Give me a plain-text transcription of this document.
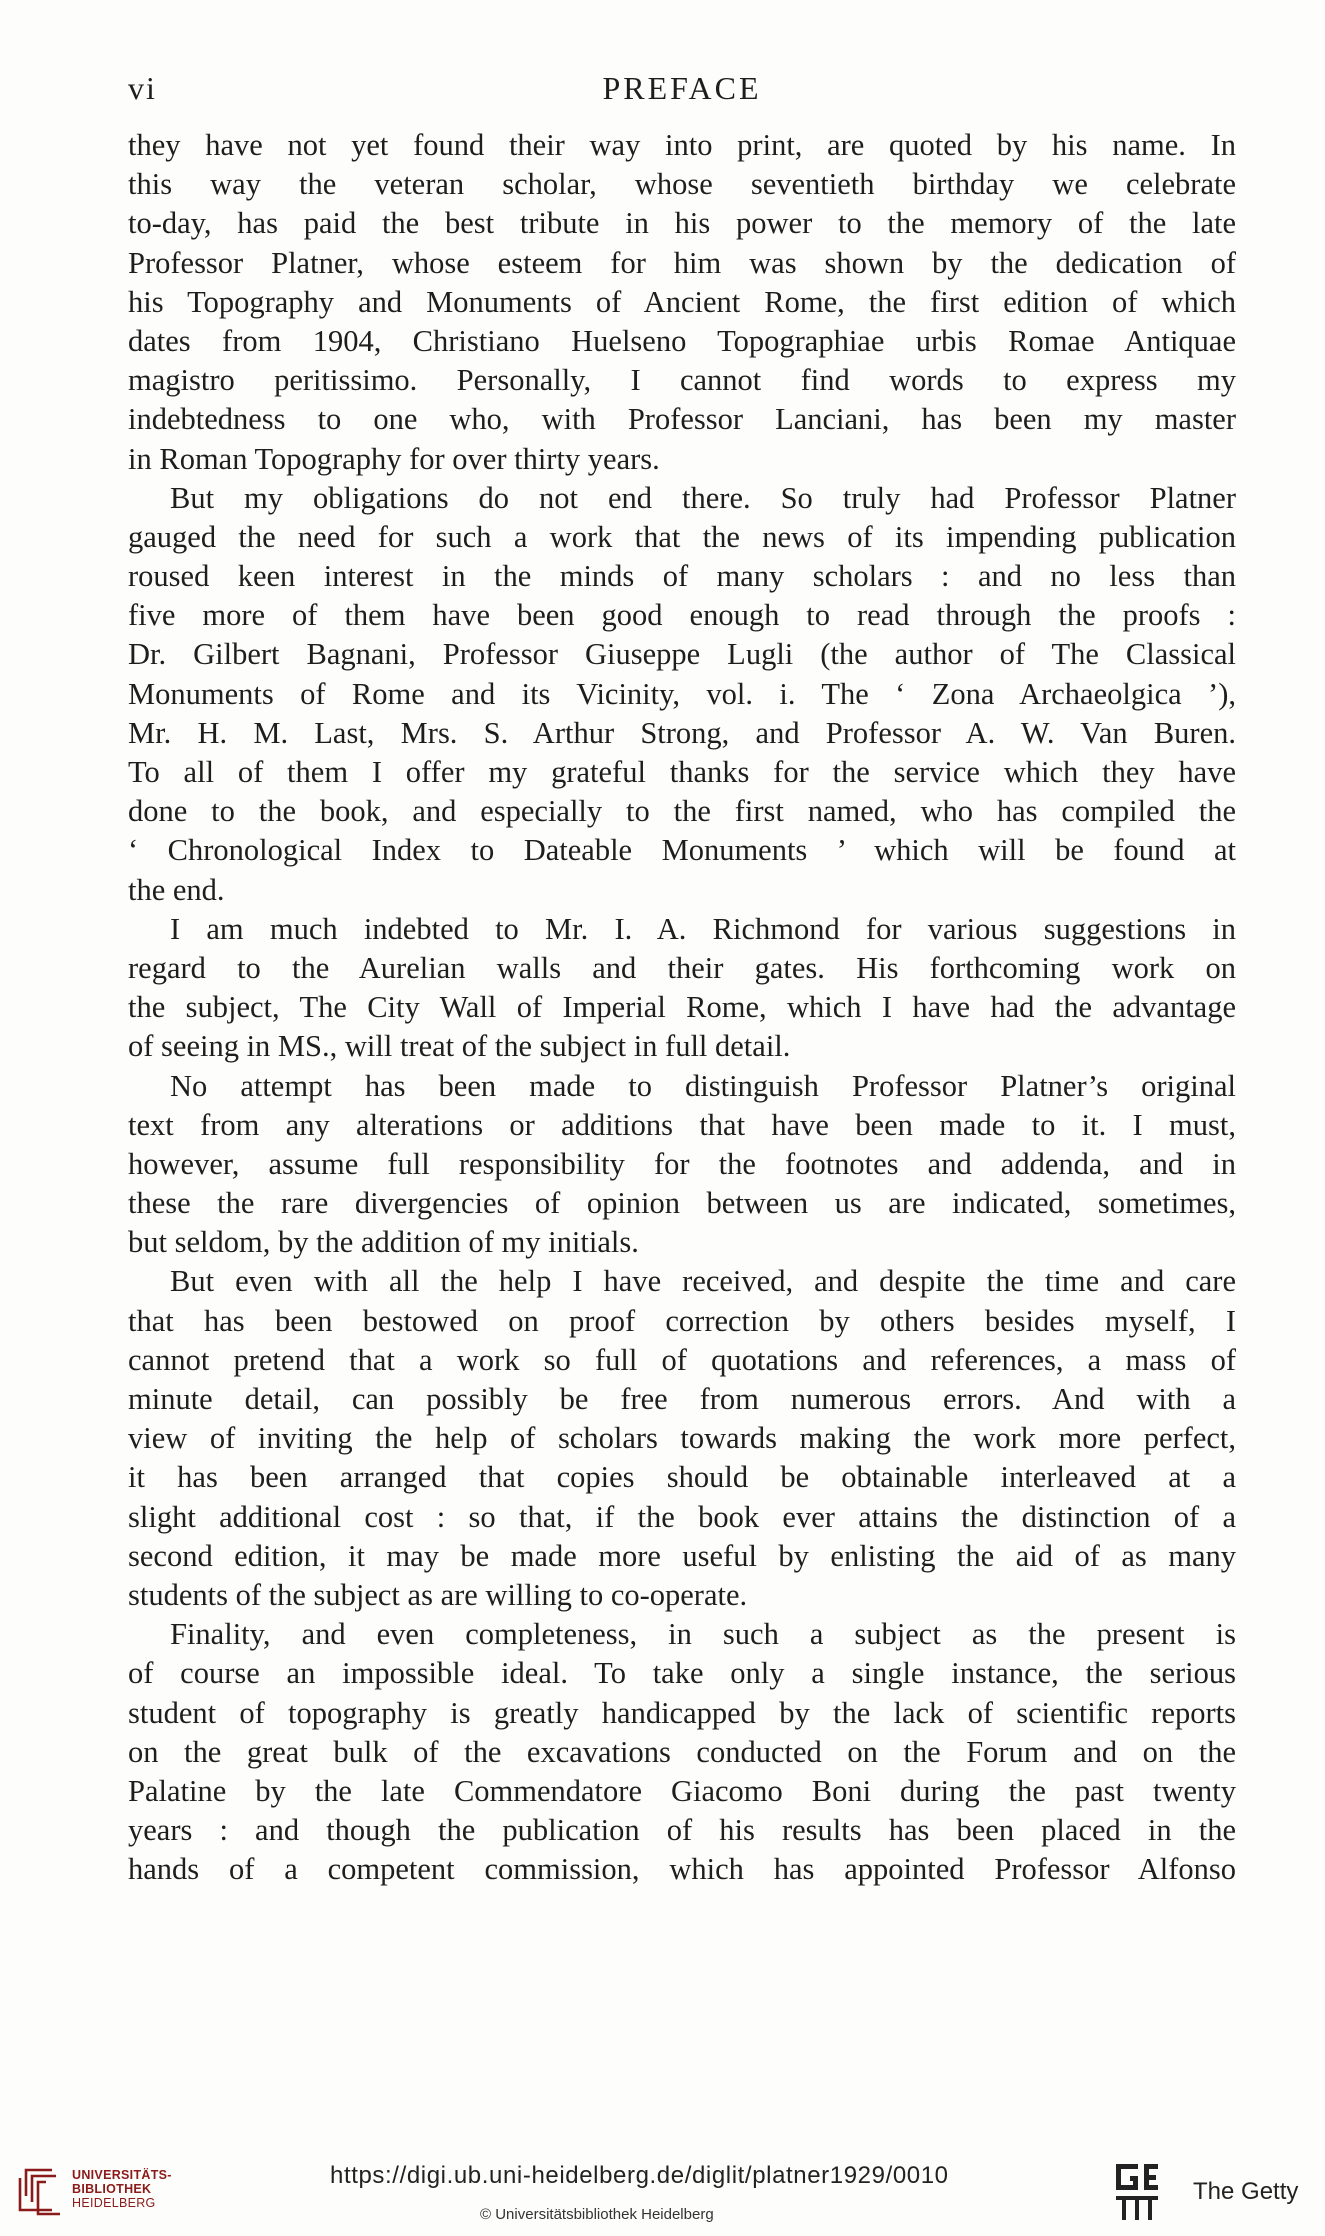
vi	PREFACE
they have not yet found their way into print, are quoted by his name. In
this way the veteran scholar, whose seventieth birthday we celebrate
to-day, has paid the best tribute in his power to the memory of the late
Professor Platner, whose esteem for him was shown by the dedication of
his Topography and Monuments of Ancient Rome, the first edition of which
dates from 1904, Christiano Huelseno Topographiae urbis Romae Antiquae
magistro peritissimo. Personally, I cannot find words to express my
indebtedness to one who, with Professor Lanciani, has been my master
in Roman Topography for over thirty years.
But my obligations do not end there. So truly had Professor Platner
gauged the need for such a work that the news of its impending publication
roused keen interest in the minds of many scholars : and no less than
five more of them have been good enough to read through the proofs :
Dr. Gilbert Bagnani, Professor Giuseppe Lugli (the author of The Classical
Monuments of Rome and its Vicinity, vol. i. The ‘ Zona Archaeolgica ’),
Mr. H. M. Last, Mrs. S. Arthur Strong, and Professor A. W. Van Buren.
To all of them I offer my grateful thanks for the service which they have
done to the book, and especially to the first named, who has compiled the
‘ Chronological Index to Dateable Monuments ’ which will be found at
the end.
I am much indebted to Mr. I. A. Richmond for various suggestions in
regard to the Aurelian walls and their gates. His forthcoming work on
the subject, The City Wall of Imperial Rome, which I have had the advantage
of seeing in MS., will treat of the subject in full detail.
No attempt has been made to distinguish Professor Platner’s original
text from any alterations or additions that have been made to it. I must,
however, assume full responsibility for the footnotes and addenda, and in
these the rare divergencies of opinion between us are indicated, sometimes,
but seldom, by the addition of my initials.
But even with all the help I have received, and despite the time and care
that has been bestowed on proof correction by others besides myself, I
cannot pretend that a work so full of quotations and references, a mass of
minute detail, can possibly be free from numerous errors. And with a
view of inviting the help of scholars towards making the work more perfect,
it has been arranged that copies should be obtainable interleaved at a
slight additional cost : so that, if the book ever attains the distinction of a
second edition, it may be made more useful by enlisting the aid of as many
students of the subject as are willing to co-operate.
Finality, and even completeness, in such a subject as the present is
of course an impossible ideal. To take only a single instance, the serious
student of topography is greatly handicapped by the lack of scientific reports
on the great bulk of the excavations conducted on the Forum and on the
Palatine by the late Commendatore Giacomo Boni during the past twenty
years : and though the publication of his results has been placed in the
hands of a competent commission, which has appointed Professor Alfonso
UNIVERSITÄTS-
BIBLIOTHEK
HEIDELBERG
https://digi.ub.uni-heidelberg.de/diglit/platner1929/0010
© Universitätsbibliothek Heidelberg
The Getty
